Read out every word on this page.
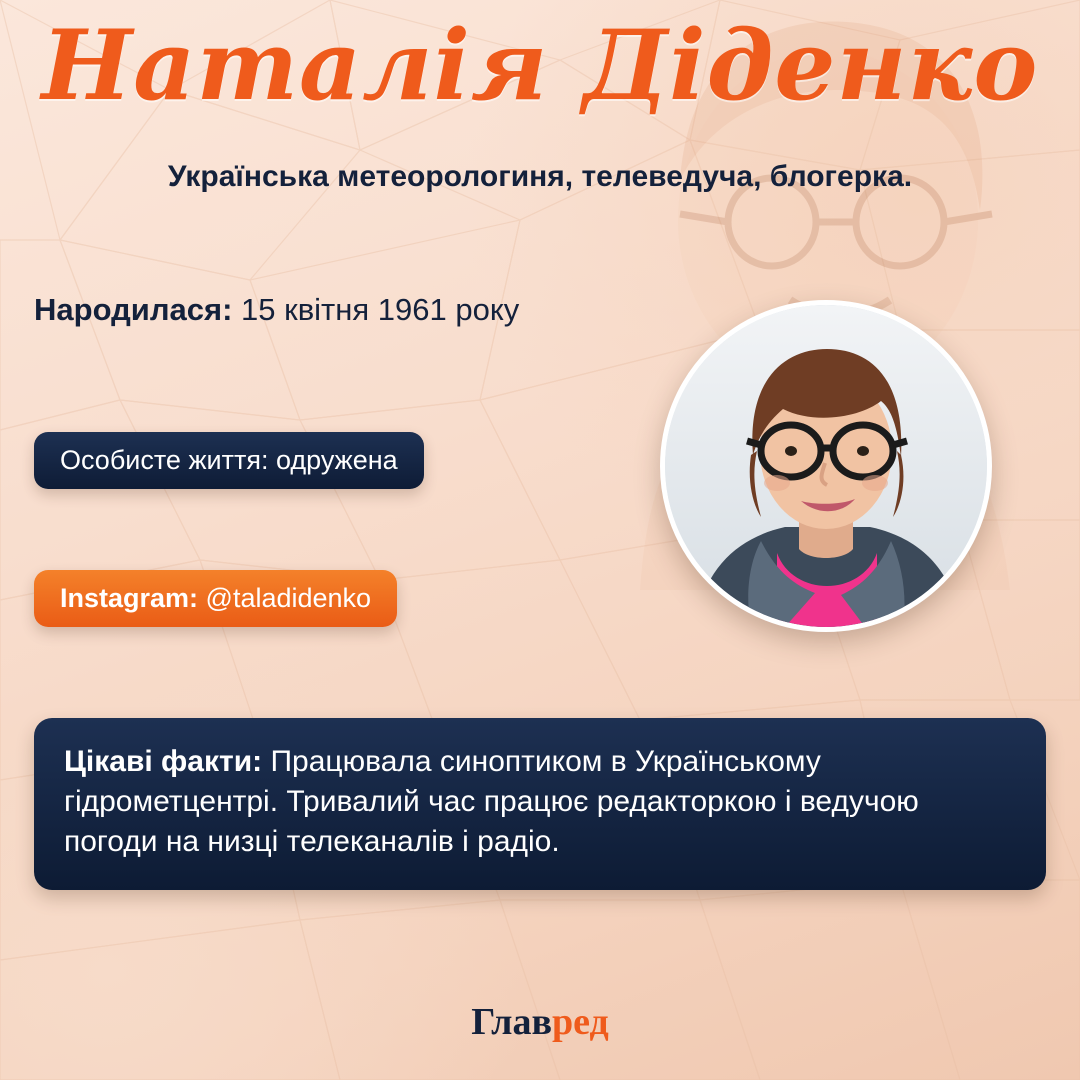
Наталія Діденко
Українська метеорологиня, телеведуча, блогерка.
Народилася: 15 квітня 1961 року
Особисте життя: одружена
Instagram: @taladidenko
Цікаві факти: Працювала синоптиком в Українському гідрометцентрі. Тривалий час працює редакторкою і ведучою погоди на низці телеканалів і радіо.
Главред
